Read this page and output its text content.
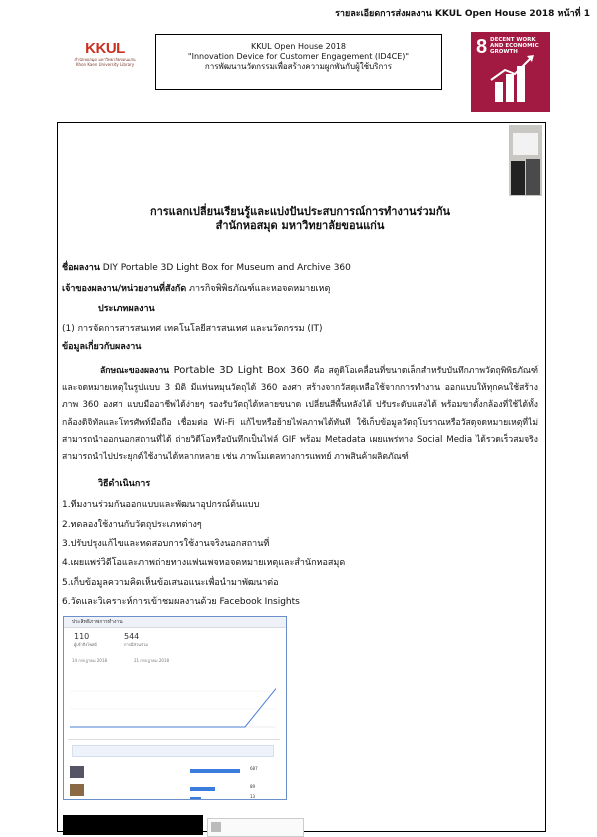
รายละเอียดการส่งผลงาน KKUL Open House 2018 หน้าที่ 1
KKUL
สำนักหอสมุด มหาวิทยาลัยขอนแก่น
Khon Kaen University Library
KKUL Open House 2018
"Innovation Device for Customer Engagement (ID4CE)"
การพัฒนานวัตกรรมเพื่อสร้างความผูกพันกับผู้ใช้บริการ
8 DECENT WORK AND ECONOMIC GROWTH
การแลกเปลี่ยนเรียนรู้และแบ่งปันประสบการณ์การทำงานร่วมกัน
สำนักหอสมุด มหาวิทยาลัยขอนแก่น
ชื่อผลงาน DIY Portable 3D Light Box for Museum and Archive 360
เจ้าของผลงาน/หน่วยงานที่สังกัด ภารกิจพิพิธภัณฑ์และหอจดหมายเหตุ
ประเภทผลงาน
(1) การจัดการสารสนเทศ เทคโนโลยีสารสนเทศ และนวัตกรรม (IT)
ข้อมูลเกี่ยวกับผลงาน
ลักษณะของผลงาน Portable 3D Light Box 360 คือ สตูดิโอเคลื่อนที่ขนาดเล็กสำหรับบันทึกภาพวัตถุพิพิธภัณฑ์และจดหมายเหตุในรูปแบบ 3 มิติ มีแท่นหมุนวัตถุได้ 360 องศา สร้างจากวัสดุเหลือใช้จากการทำงาน ออกแบบให้ทุกคนใช้สร้างภาพ 360 องศา แบบมืออาชีพได้ง่ายๆ รองรับวัตถุได้หลายขนาด เปลี่ยนสีพื้นหลังได้ ปรับระดับแสงได้ พร้อมขาตั้งกล้องที่ใช้ได้ทั้งกล้องดิจิทัลและโทรศัพท์มือถือ เชื่อมต่อ Wi-Fi แก้ไขหรือย้ายไฟลภาพได้ทันที ใช้เก็บข้อมูลวัตถุโบราณหรือวัสดุจดหมายเหตุที่ไม่สามารถนำออกนอกสถานที่ได้ ถ่ายวิดีโอหรือบันทึกเป็นไฟล์ GIF พร้อม Metadata เผยแพร่ทาง Social Media ได้รวดเร็วสมจริง สามารถนำไปประยุกต์ใช้งานได้หลากหลาย เช่น ภาพโมเดลทางการแพทย์ ภาพสินค้าผลิตภัณฑ์
วิธีดำเนินการ
1.ทีมงานร่วมกันออกแบบและพัฒนาอุปกรณ์ต้นแบบ
2.ทดลองใช้งานกับวัตถุประเภทต่างๆ
3.ปรับปรุงแก้ไขและทดสอบการใช้งานจริงนอกสถานที่
4.เผยแพร่วิดีโอและภาพถ่ายทางแฟนเพจหอจดหมายเหตุและสำนักหอสมุด
5.เก็บข้อมูลความคิดเห็นข้อเสนอแนะเพื่อนำมาพัฒนาต่อ
6.วัดและวิเคราะห์การเข้าชมผลงานด้วย Facebook Insights
ประสิทธิภาพการทำงาน
110
ผู้เข้าถึงโพสต์
544
การมีส่วนร่วม
14 กรกฎาคม 2018	21 กรกฎาคม 2018
687
89
13
